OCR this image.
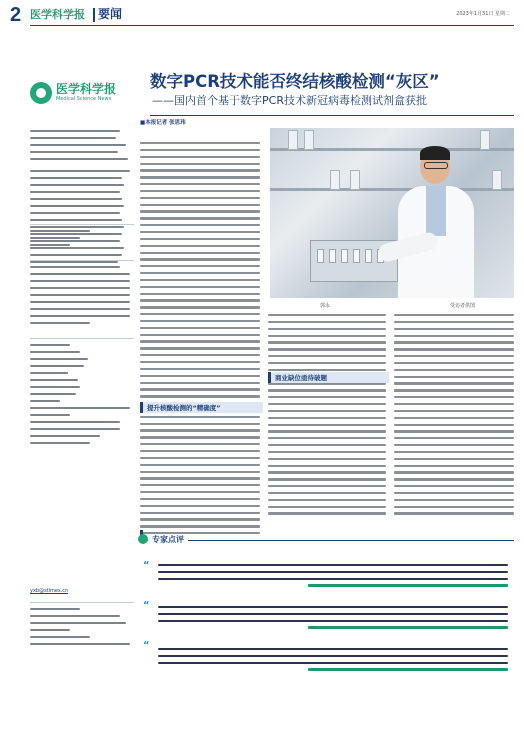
2 医学科学报 要闻	2023年1月31日 星期二
医学科学报
Medical Science News
数字PCR技术能否终结核酸检测“灰区”
——国内首个基于数字PCR技术新冠病毒检测试剂盒获批
■本报记者 张思玮
yxb@stimes.cn
提升核酸检测的“精确度”
商业缺位亟待破题
郭永	受访者供图
专家点评
“
“
“
